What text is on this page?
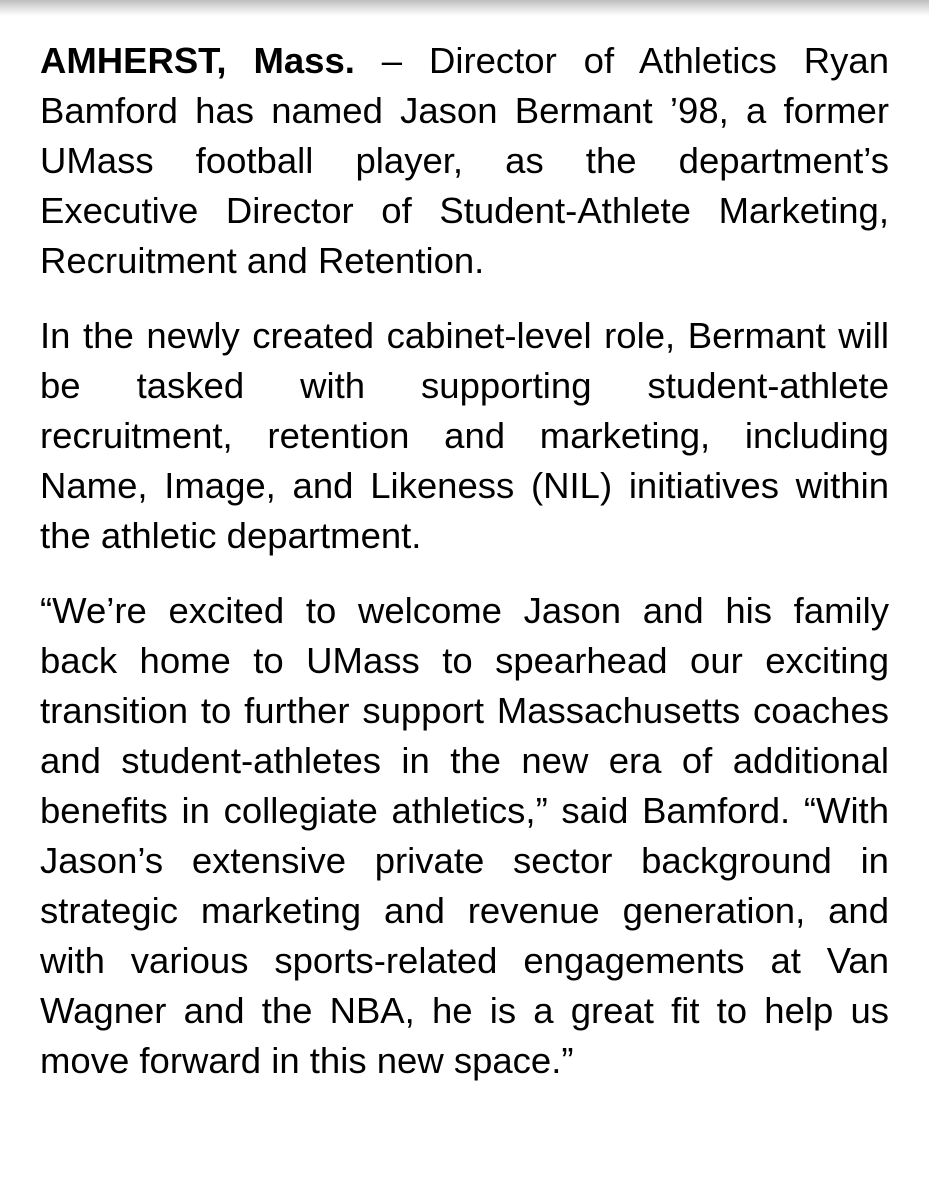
AMHERST, Mass. – Director of Athletics Ryan Bamford has named Jason Bermant ’98, a former UMass football player, as the department’s Executive Director of Student-Athlete Marketing, Recruitment and Retention.

In the newly created cabinet-level role, Bermant will be tasked with supporting student-athlete recruitment, retention and marketing, including Name, Image, and Likeness (NIL) initiatives within the athletic department.

“We’re excited to welcome Jason and his family back home to UMass to spearhead our exciting transition to further support Massachusetts coaches and student-athletes in the new era of additional benefits in collegiate athletics,” said Bamford. “With Jason’s extensive private sector background in strategic marketing and revenue generation, and with various sports-related engagements at Van Wagner and the NBA, he is a great fit to help us move forward in this new space.”
